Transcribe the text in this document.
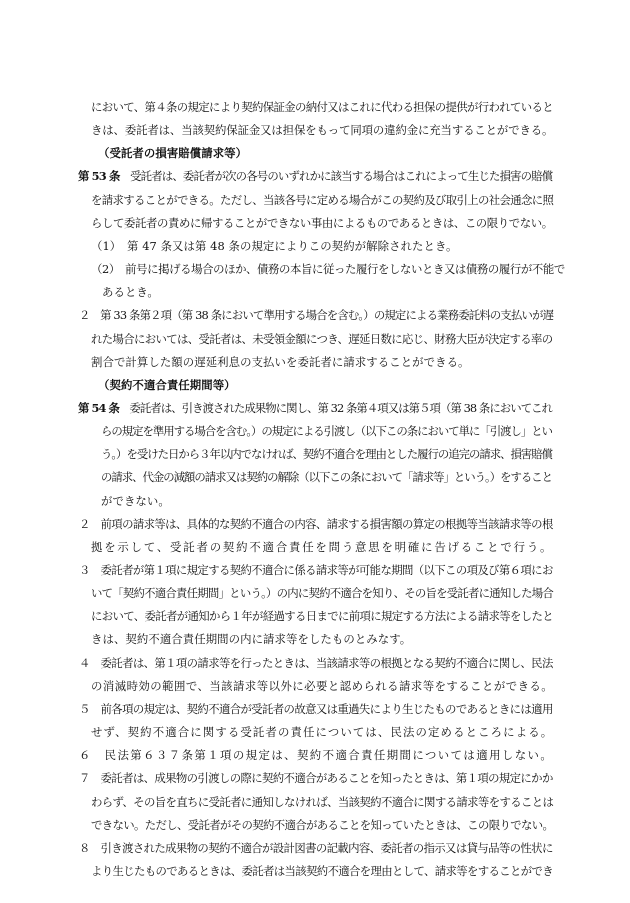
において、第４条の規定により契約保証金の納付又はこれに代わる担保の提供が行われていると
きは、委託者は、当該契約保証金又は担保をもって同項の違約金に充当することができる。
（受託者の損害賠償請求等）
第 53 条　受託者は、委託者が次の各号のいずれかに該当する場合はこれによって生じた損害の賠償
を請求することができる。ただし、当該各号に定める場合がこの契約及び取引上の社会通念に照
らして委託者の責めに帰することができない事由によるものであるときは、この限りでない。
（1）　第 47 条又は第 48 条の規定によりこの契約が解除されたとき。
（2）　前号に掲げる場合のほか、債務の本旨に従った履行をしないとき又は債務の履行が不能で
あるとき。
２　第 33 条第２項（第 38 条において準用する場合を含む。）の規定による業務委託料の支払いが遅
れた場合においては、受託者は、未受領金額につき、遅延日数に応じ、財務大臣が決定する率の
割合で計算した額の遅延利息の支払いを委託者に請求することができる。
（契約不適合責任期間等）
第 54 条　委託者は、引き渡された成果物に関し、第 32 条第４項又は第５項（第 38 条においてこれ
らの規定を準用する場合を含む。）の規定による引渡し（以下この条において単に「引渡し」とい
う。）を受けた日から３年以内でなければ、契約不適合を理由とした履行の追完の請求、損害賠償
の請求、代金の減額の請求又は契約の解除（以下この条において「請求等」という。）をすること
ができない。
２　前項の請求等は、具体的な契約不適合の内容、請求する損害額の算定の根拠等当該請求等の根
拠を示して、受託者の契約不適合責任を問う意思を明確に告げることで行う。
３　委託者が第１項に規定する契約不適合に係る請求等が可能な期間（以下この項及び第６項にお
いて「契約不適合責任期間」という。）の内に契約不適合を知り、その旨を受託者に通知した場合
において、委託者が通知から１年が経過する日までに前項に規定する方法による請求等をしたと
きは、契約不適合責任期間の内に請求等をしたものとみなす。
４　委託者は、第１項の請求等を行ったときは、当該請求等の根拠となる契約不適合に関し、民法
の消滅時効の範囲で、当該請求等以外に必要と認められる請求等をすることができる。
５　前各項の規定は、契約不適合が受託者の故意又は重過失により生じたものであるときには適用
せず、契約不適合に関する受託者の責任については、民法の定めるところによる。
６　民法第６３７条第１項の規定は、契約不適合責任期間については適用しない。
７　委託者は、成果物の引渡しの際に契約不適合があることを知ったときは、第１項の規定にかか
わらず、その旨を直ちに受託者に通知しなければ、当該契約不適合に関する請求等をすることは
できない。ただし、受託者がその契約不適合があることを知っていたときは、この限りでない。
８　引き渡された成果物の契約不適合が設計図書の記載内容、委託者の指示又は貸与品等の性状に
より生じたものであるときは、委託者は当該契約不適合を理由として、請求等をすることができ
